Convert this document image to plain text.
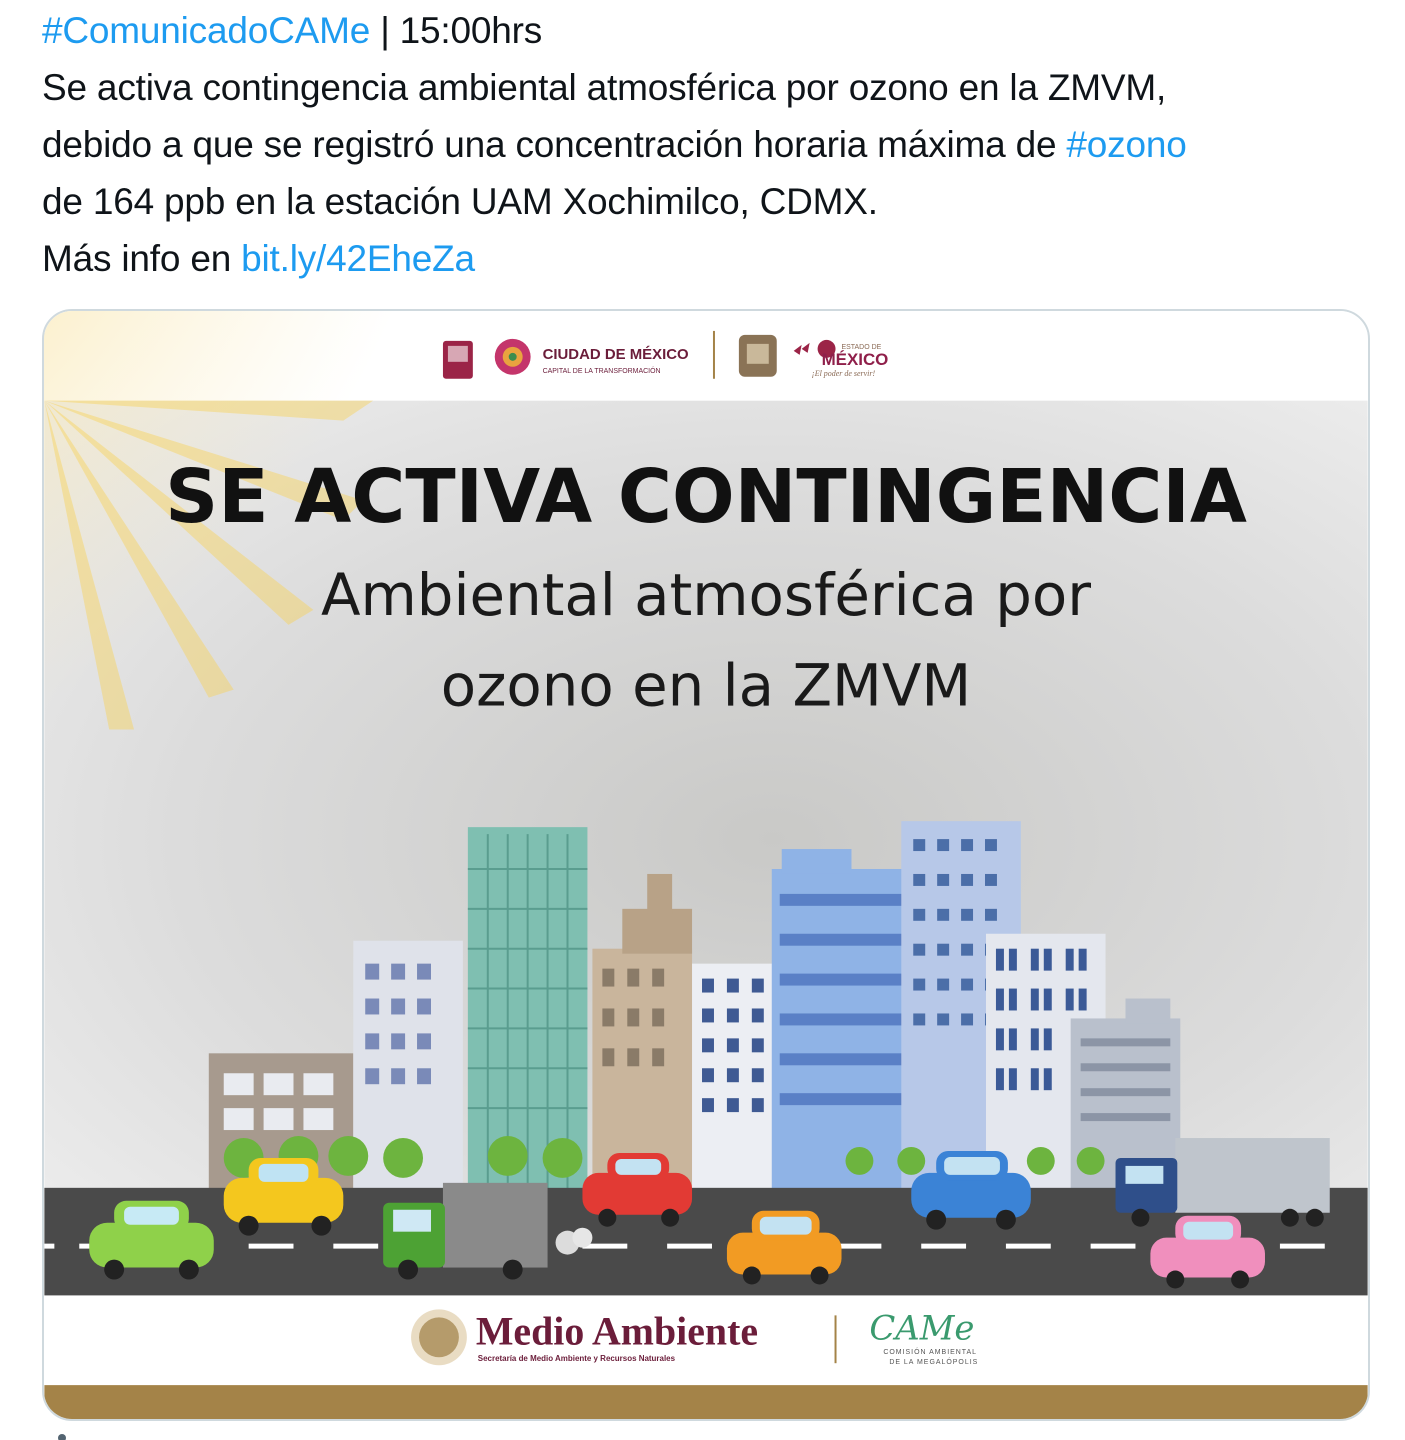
#ComunicadoCAMe | 15:00hrs
Se activa contingencia ambiental atmosférica por ozono en la ZMVM,
debido a que se registró una concentración horaria máxima de #ozono
de 164 ppb en la estación UAM Xochimilco, CDMX.
Más info en bit.ly/42EheZa
CIUDAD DE MÉXICO
CAPITAL DE LA TRANSFORMACIÓN
ESTADO DE
MÉXICO
¡El poder de servir!
SE ACTIVA CONTINGENCIA
Ambiental atmosférica por
ozono en la ZMVM
Medio Ambiente
Secretaría de Medio Ambiente y Recursos Naturales
CAMe
COMISIÓN AMBIENTAL
DE LA MEGALÓPOLIS
